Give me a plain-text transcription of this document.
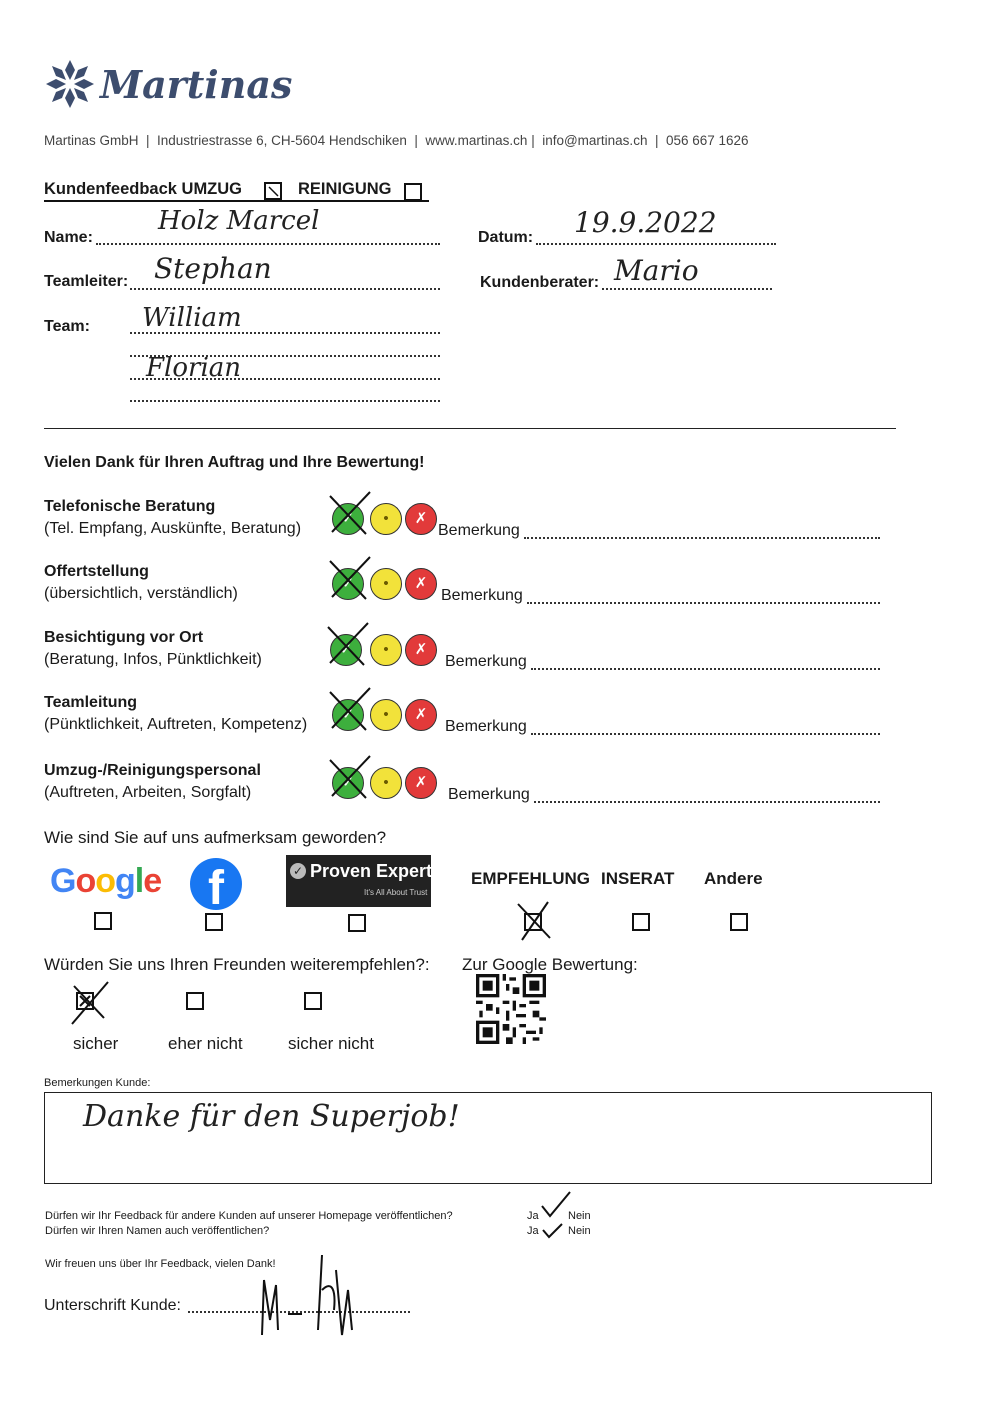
Martinas
Martinas GmbH  |  Industriestrasse 6, CH-5604 Hendschiken  |  www.martinas.ch |  info@martinas.ch  |  056 667 1626
Kundenfeedback UMZUG	REINIGUNG
Name:
Holz Marcel
Datum: 19.9.2022
Teamleiter: Stephan	Kundenberater: Mario
Team: William
Florian
Vielen Dank für Ihren Auftrag und Ihre Bewertung!
Telefonische Beratung
(Tel. Empfang, Auskünfte, Beratung)
✓	•	✗
Bemerkung
Offertstellung
(übersichtlich, verständlich)
✓	•	✗
Bemerkung
Besichtigung vor Ort
(Beratung, Infos, Pünktlichkeit)
✓	•	✗
Bemerkung
Teamleitung
(Pünktlichkeit, Auftreten, Kompetenz)
✓	•	✗
Bemerkung
Umzug-/Reinigungspersonal
(Auftreten, Arbeiten, Sorgfalt)
✓	•	✗
Bemerkung
Wie sind Sie auf uns aufmerksam geworden?
Google f	✓ Proven Expert
It's All About Trust
EMPFEHLUNG INSERAT Andere
Würden Sie uns Ihren Freunden weiterempfehlen?: Zur Google Bewertung:
sicher	eher nicht	sicher nicht
Bemerkungen Kunde:
Danke für den Superjob!
Dürfen wir Ihr Feedback für andere Kunden auf unserer Homepage veröffentlichen?
Dürfen wir Ihren Namen auch veröffentlichen?
Ja	Nein
Ja	Nein
Wir freuen uns über Ihr Feedback, vielen Dank!
Unterschrift Kunde:
